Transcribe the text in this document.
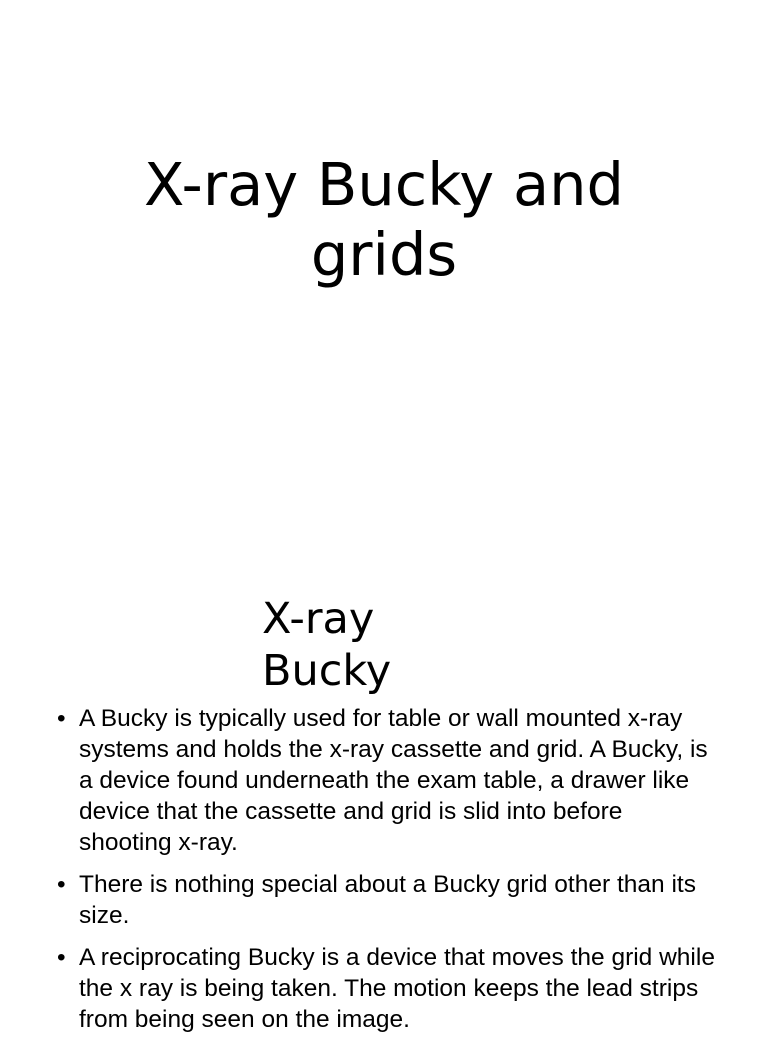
X-ray Bucky and
grids
X-ray
Bucky
• A Bucky is typically used for table or wall mounted x-ray systems and holds the x-ray cassette and grid. A Bucky, is a device found underneath the exam table, a drawer like device that the cassette and grid is slid into before shooting x-ray.
• There is nothing special about a Bucky grid other than its size.
• A reciprocating Bucky is a device that moves the grid while the x ray is being taken. The motion keeps the lead strips from being seen on the image.
